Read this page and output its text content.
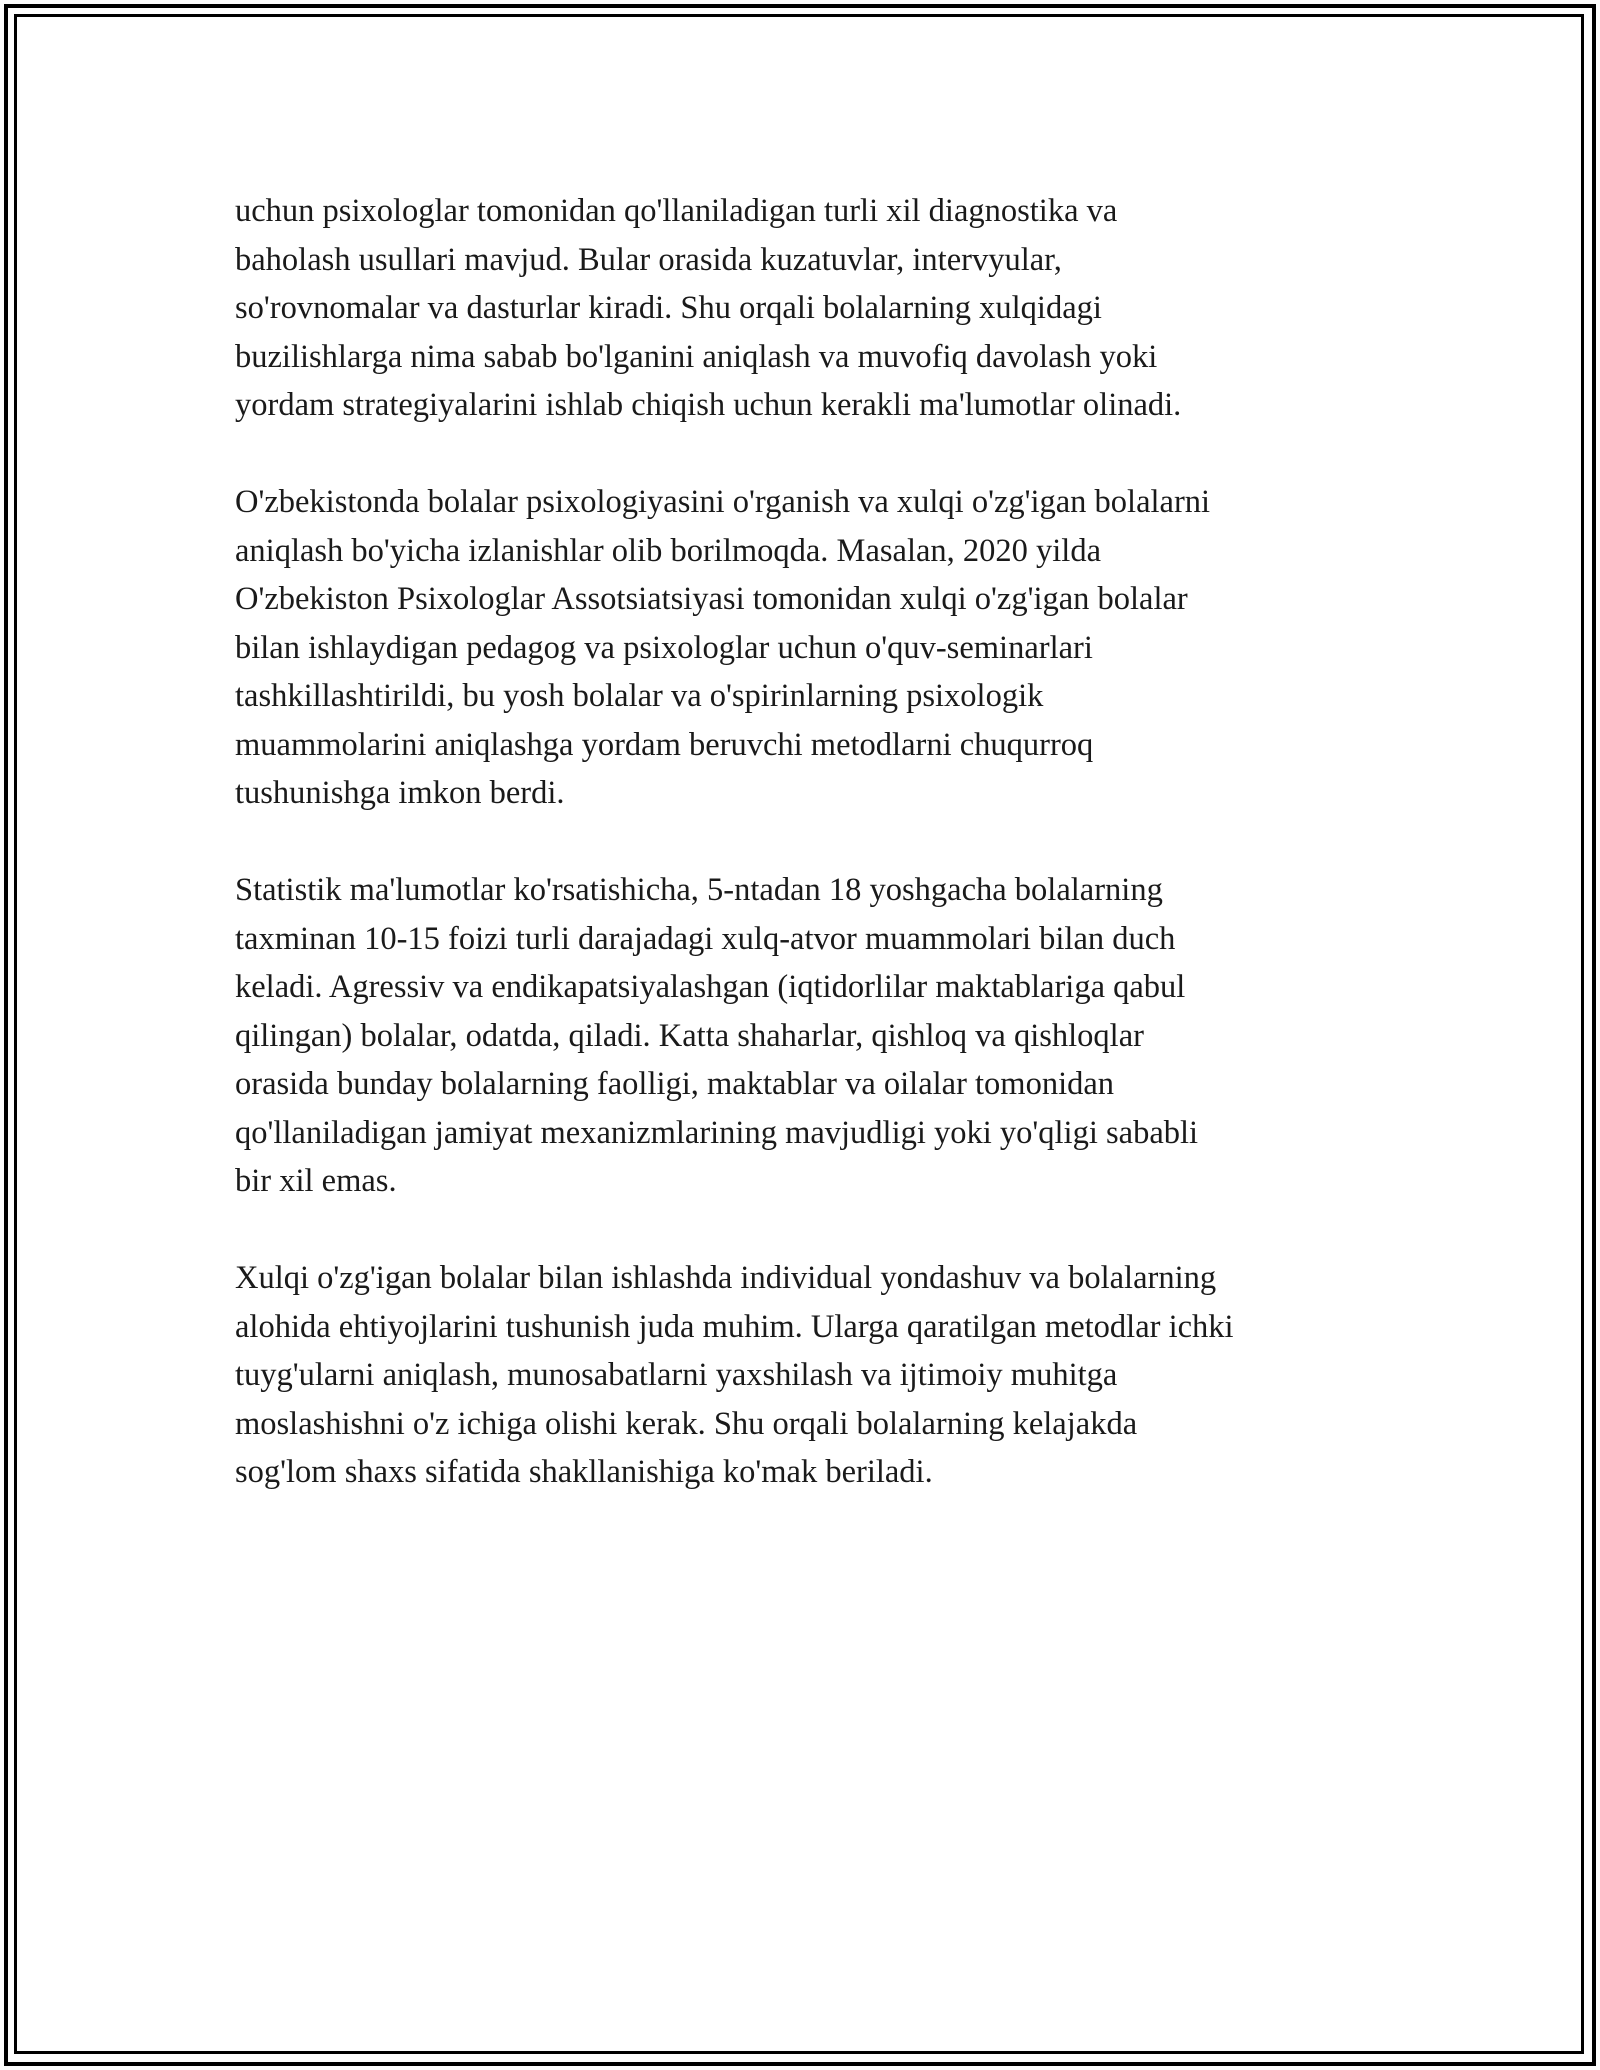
uchun psixologlar tomonidan qo'llaniladigan turli xil diagnostika va
baholash usullari mavjud. Bular orasida kuzatuvlar, intervyular,
so'rovnomalar va dasturlar kiradi. Shu orqali bolalarning xulqidagi
buzilishlarga nima sabab bo'lganini aniqlash va muvofiq davolash yoki
yordam strategiyalarini ishlab chiqish uchun kerakli ma'lumotlar olinadi.

O'zbekistonda bolalar psixologiyasini o'rganish va xulqi o'zg'igan bolalarni
aniqlash bo'yicha izlanishlar olib borilmoqda. Masalan, 2020 yilda
O'zbekiston Psixologlar Assotsiatsiyasi tomonidan xulqi o'zg'igan bolalar
bilan ishlaydigan pedagog va psixologlar uchun o'quv-seminarlari
tashkillashtirildi, bu yosh bolalar va o'spirinlarning psixologik
muammolarini aniqlashga yordam beruvchi metodlarni chuqurroq
tushunishga imkon berdi.

Statistik ma'lumotlar ko'rsatishicha, 5-ntadan 18 yoshgacha bolalarning
taxminan 10-15 foizi turli darajadagi xulq-atvor muammolari bilan duch
keladi. Agressiv va endikapatsiyalashgan (iqtidorlilar maktablariga qabul
qilingan) bolalar, odatda, qiladi. Katta shaharlar, qishloq va qishloqlar
orasida bunday bolalarning faolligi, maktablar va oilalar tomonidan
qo'llaniladigan jamiyat mexanizmlarining mavjudligi yoki yo'qligi sababli
bir xil emas.

Xulqi o'zg'igan bolalar bilan ishlashda individual yondashuv va bolalarning
alohida ehtiyojlarini tushunish juda muhim. Ularga qaratilgan metodlar ichki
tuyg'ularni aniqlash, munosabatlarni yaxshilash va ijtimoiy muhitga
moslashishni o'z ichiga olishi kerak. Shu orqali bolalarning kelajakda
sog'lom shaxs sifatida shakllanishiga ko'mak beriladi.
